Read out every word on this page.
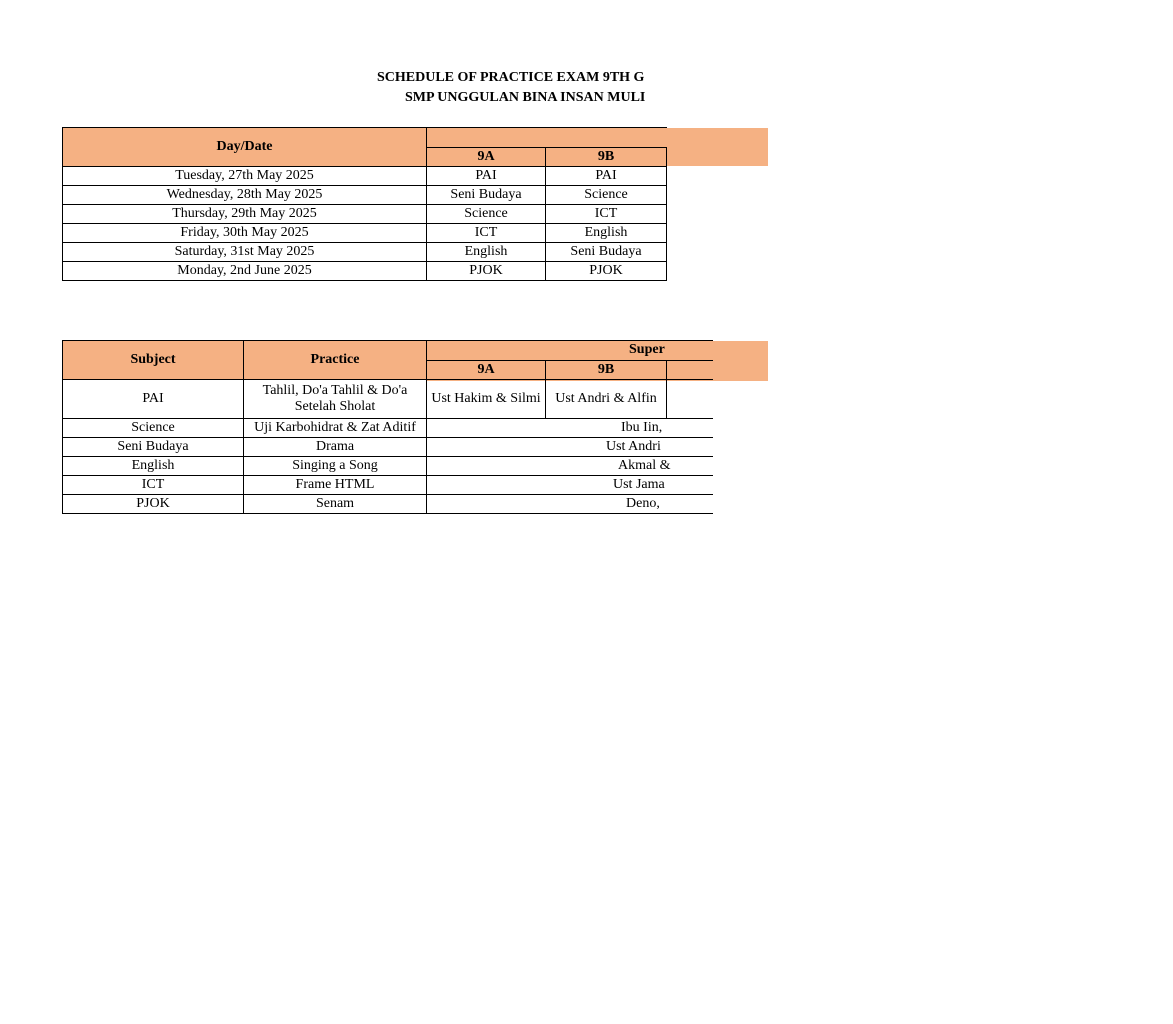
SCHEDULE OF PRACTICE EXAM 9TH G
SMP UNGGULAN BINA INSAN MULI
Day/Date		
	9A	9B
Tuesday, 27th May 2025	PAI	PAI
Wednesday, 28th May 2025	Seni Budaya	Science
Thursday, 29th May 2025	Science	ICT
Friday, 30th May 2025	ICT	English
Saturday, 31st May 2025	English	Seni Budaya
Monday, 2nd June 2025	PJOK	PJOK
Subject	Practice	Super		
		9A	9B	
PAI	Tahlil, Do'a Tahlil & Do'a Setelah Sholat	Ust Hakim & Silmi	Ust Andri & Alfin	
Science	Uji Karbohidrat & Zat Aditif	Ibu Iin,		
Seni Budaya	Drama	Ust Andri		
English	Singing a Song	Akmal &		
ICT	Frame HTML	Ust Jama		
PJOK	Senam	Deno,		
